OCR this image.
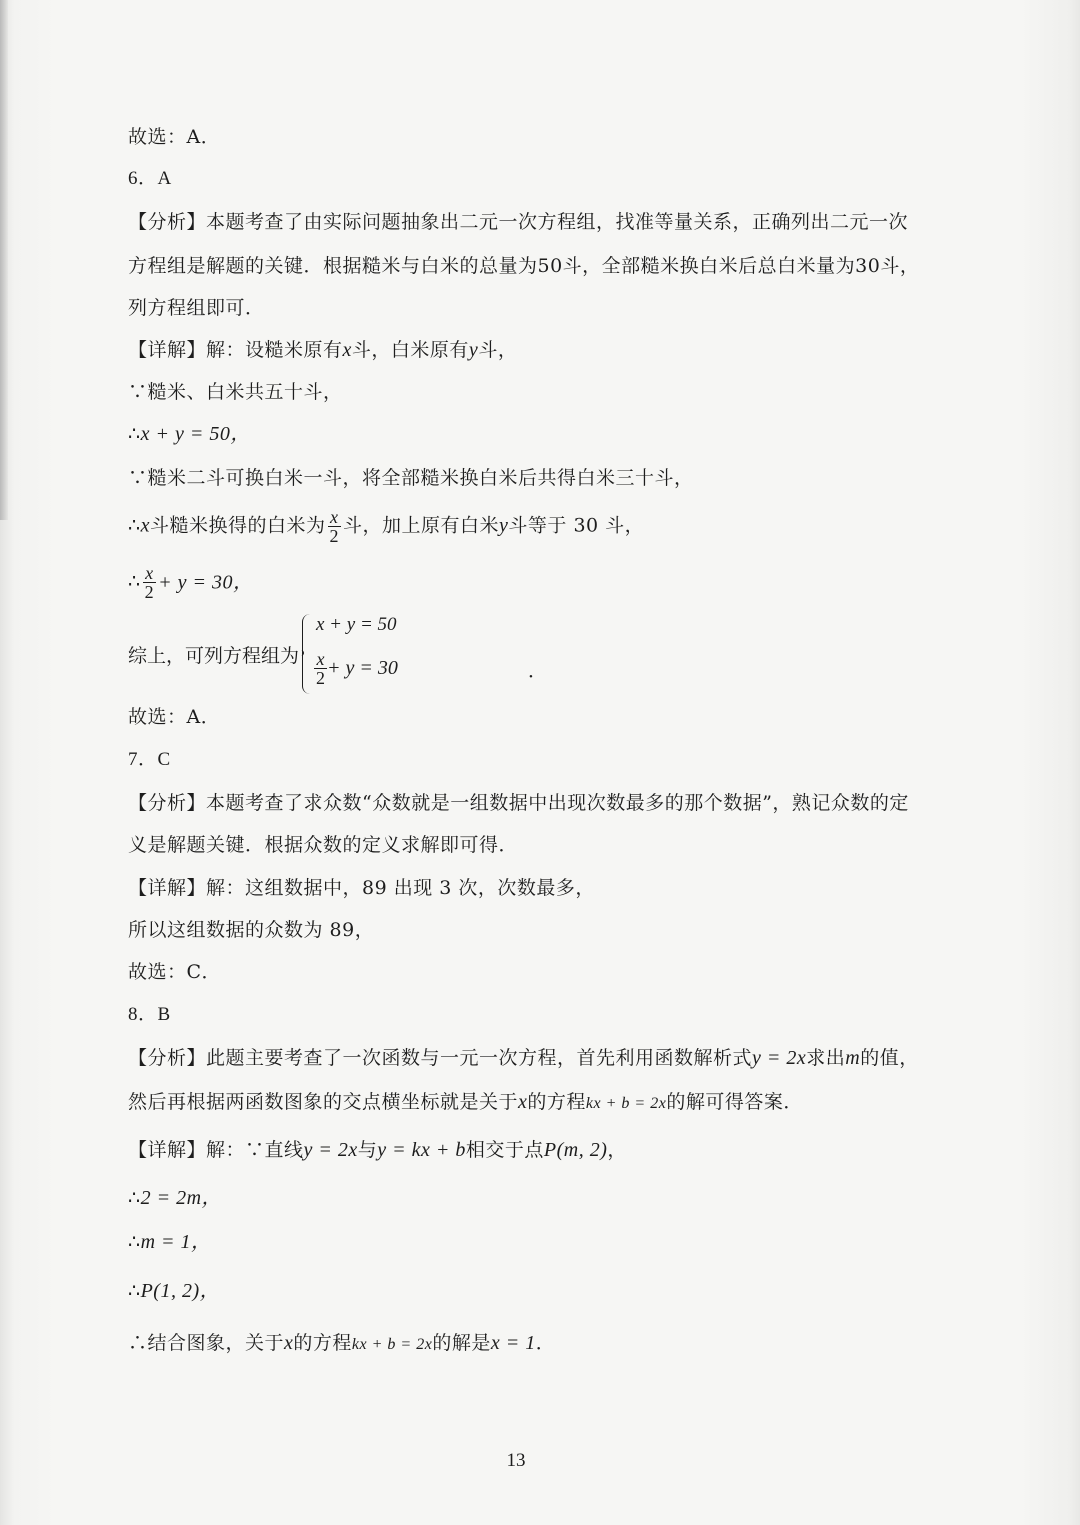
故选：A．
6．A
【分析】本题考查了由实际问题抽象出二元一次方程组，找准等量关系，正确列出二元一次
方程组是解题的关键．根据糙米与白米的总量为50斗，全部糙米换白米后总白米量为30斗，
列方程组即可．
【详解】解：设糙米原有x斗，白米原有y斗，
∵糙米、白米共五十斗，
∴x + y = 50，
∵糙米二斗可换白米一斗，将全部糙米换白米后共得白米三十斗，
∴x斗糙米换得的白米为 $\frac{x}{2}$ 斗，加上原有白米y斗等于 30 斗，
∴ $\frac{x}{2} + y = 30$，
综上，可列方程组为
x + y = 50
$\frac{x}{2} + y = 30$	．
故选：A．
7．C
【分析】本题考查了求众数“众数就是一组数据中出现次数最多的那个数据”，熟记众数的定
义是解题关键．根据众数的定义求解即可得．
【详解】解：这组数据中，89 出现 3 次，次数最多，
所以这组数据的众数为 89，
故选：C．
8．B
【分析】此题主要考查了一次函数与一元一次方程，首先利用函数解析式y = 2x求出m的值，
然后再根据两函数图象的交点横坐标就是关于x的方程kx + b = 2x的解可得答案．
【详解】解：∵直线y = 2x与y = kx + b相交于点P(m, 2)，
∴2 = 2m，
∴m = 1，
∴P(1, 2)，
∴结合图象，关于x的方程kx + b = 2x的解是x = 1．
13
